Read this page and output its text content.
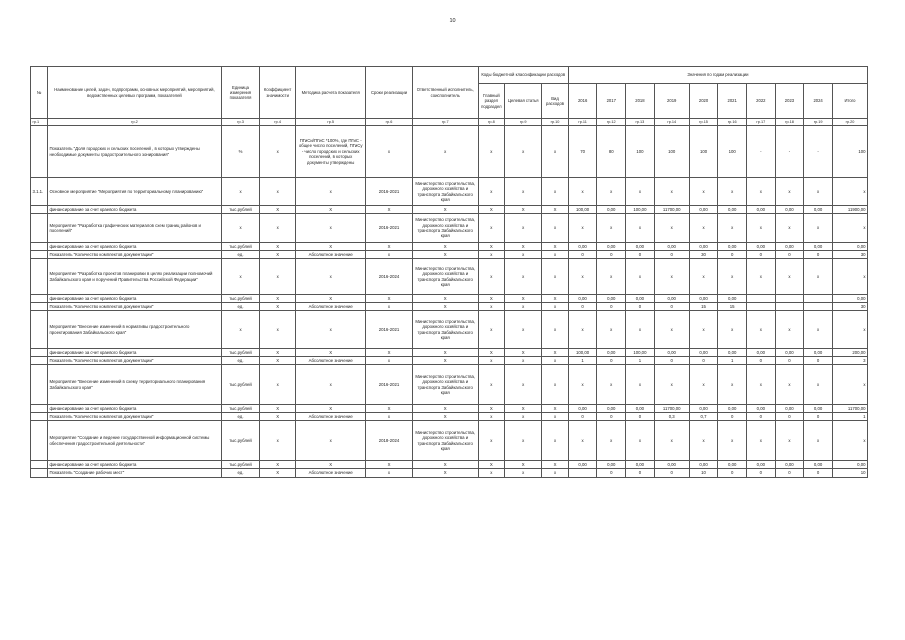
10
№	Наименование целей, задач, подпрограмм, основных мероприятий, мероприятий, ведомственных целевых программ, показателей	Единица измерения показателя	Коэффициент значимости	Методика расчета показателя	Сроки реализации	Ответственный исполнитель, соисполнитель	Коды бюджетной классификации расходов			Значения по годам реализации									
							Главный раздел подраздел	Целевая статья	Вид расходов	2016	2017	2018	2019	2020	2021	2022	2023	2024	Итого
гр.1	гр.2	гр.3	гр.4	гр.5	гр.6	гр.7	гр.8	гр.9	гр.10	гр.11	гр.12	гр.13	гр.14	гр.15	гр.16	гр.17	гр.18	гр.19	гр.20
	Показатель "Доля городских и сельских поселений , в которых утверждены необходимые документы градостроительного зонирования"	%	х	ПГиСи/ПГиС *100%, где ПГиС - общее число поселений, ПГиСу - число городских и сельских поселений, в которых документы утверждены	х	х	х	х	х	70	80	100	100	100	100	-	-	-	100
3.1.1.	Основное мероприятие "Мероприятия по территориальному планированию"	х	х	х	2016-2021	Министерство строительства, дорожного хозяйства и транспорта Забайкальского края	х	х	х	х	х	х	х	х	х	х	х	х	х
	финансирование за счет краевого бюджета	тыс.рублей	Х	Х	Х	Х	Х	Х	Х	100,00	0,00	100,00	11700,00	0,00	0,00	0,00	0,00	0,00	11900,00
	Мероприятие "Разработка графических материалов схем границ районов и поселений"	х	х	х	2016-2021	Министерство строительства, дорожного хозяйства и транспорта Забайкальского края	х	х	х	х	х	х	х	х	х	х	х	х	х
	финансирование за счет краевого бюджета	тыс.рублей	Х	Х	Х	Х	Х	Х	Х	0,00	0,00	0,00	0,00	0,00	0,00	0,00	0,00	0,00	0,00
	Показатель "Количество комплектов документации"	ед.	Х	Абсолютное значение	х	Х	х	х	х	0	0	0	0	30	0	0	0	0	30
	Мероприятие "Разработка проектов планировки в целях реализации полномочий Забайкальского края и поручений Правительства Российской Федерации"	х	х	х	2016-2024	Министерство строительства, дорожного хозяйства и транспорта Забайкальского края	х	х	х	х	х	х	х	х	х	х	х	х	х
	финансирование за счет краевого бюджета	тыс.рублей	Х	Х	Х	Х	Х	Х	Х	0,00	0,00	0,00	0,00	0,00	0,00				0,00
	Показатель "Количество комплектов документации"	ед.	Х	Абсолютное значение	х	Х	х	х	х	0	0	0	0	15	15				30
	Мероприятие "Внесение изменений в нормативы градостроительного проектирования Забайкальского края"	х	х	х	2016-2021	Министерство строительства, дорожного хозяйства и транспорта Забайкальского края	х	х	х	х	х	х	х	х	х	х	х	х	х
	финансирование за счет краевого бюджета	тыс.рублей	Х	Х	Х	Х	Х	Х	Х	100,00	0,00	100,00	0,00	0,00	0,00	0,00	0,00	0,00	200,00
	Показатель "Количество комплектов документации"	ед.	Х	Абсолютное значение	х	Х	х	х	х	1	0	1	0	0	1	0	0	0	3
	Мероприятие "Внесение изменений в схему территориального планирования Забайкальского края"	тыс.рублей	х	х	2016-2021	Министерство строительства, дорожного хозяйства и транспорта Забайкальского края	х	х	х	х	х	х	х	х	х	х	х	х	х
	финансирование за счет краевого бюджета	тыс.рублей	Х	Х	Х	Х	Х	Х	Х	0,00	0,00	0,00	11700,00	0,00	0,00	0,00	0,00	0,00	11700,00
	Показатель "Количество комплектов документации"	ед.	Х	Абсолютное значение	х	Х	х	х	х	0	0	0	0,3	0,7	0	0	0	0	1
	Мероприятие "Создание и ведение государственной информационной системы обеспечения градостроительной деятельности"	тыс.рублей	х	х	2018-2024	Министерство строительства, дорожного хозяйства и транспорта Забайкальского края	х	х	х	х	х	х	х	х	х	х	х	х	х
	финансирование за счет краевого бюджета	тыс.рублей	Х	Х	Х	Х	Х	Х	Х	0,00	0,00	0,00	0,00	0,00	0,00	0,00	0,00	0,00	0,00
	Показатель "Создание рабочих мест"	ед.	Х	Абсолютное значение	х	Х	х	х	х		0	0	0	10	0	0	0	0	10
